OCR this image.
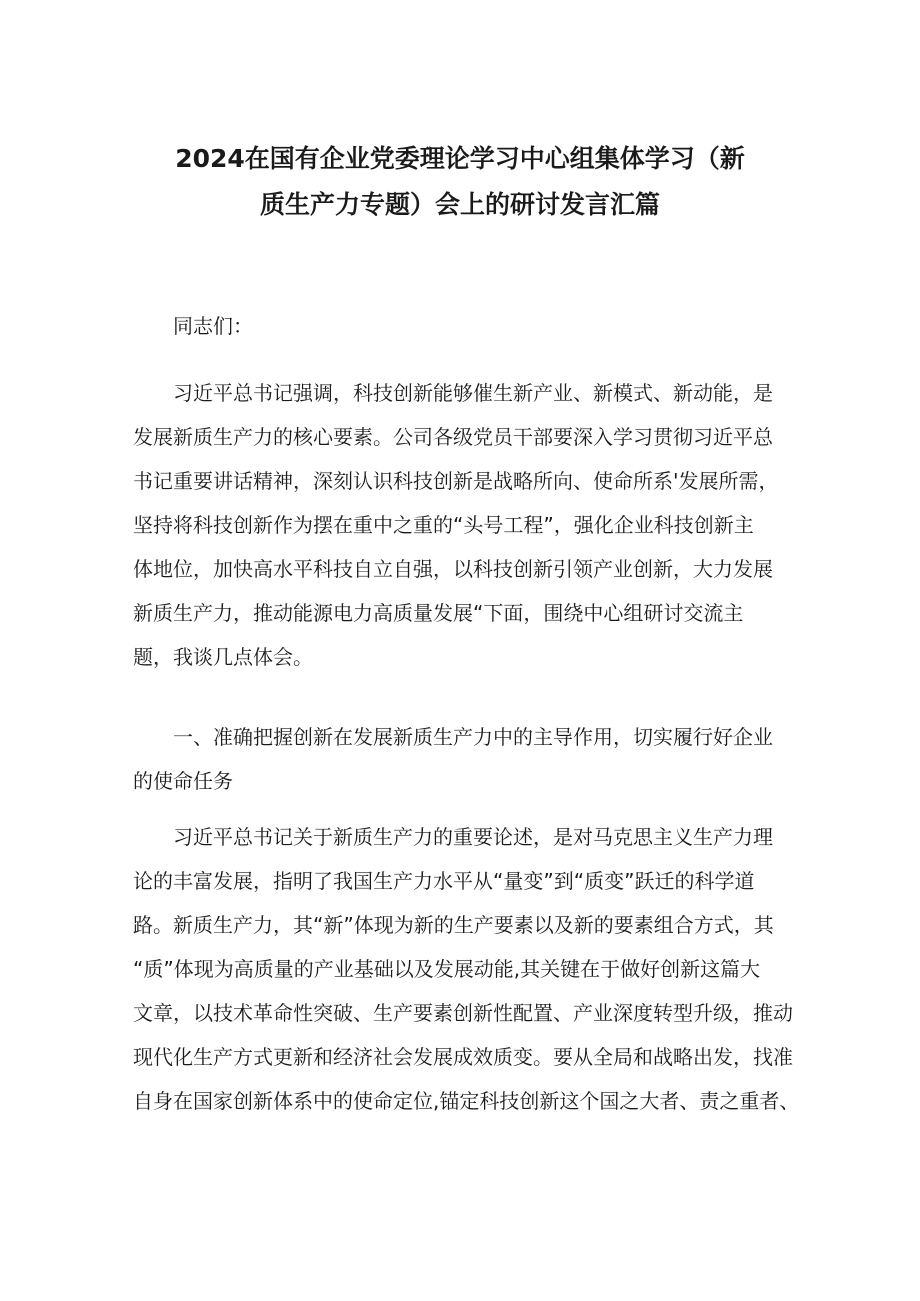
2024在国有企业党委理论学习中心组集体学习（新
质生产力专题）会上的研讨发言汇篇
同志们：
习近平总书记强调，科技创新能够催生新产业、新模式、新动能，是
发展新质生产力的核心要素。公司各级党员干部要深入学习贯彻习近平总
书记重要讲话精神，深刻认识科技创新是战略所向、使命所系'发展所需，
坚持将科技创新作为摆在重中之重的“头号工程”，强化企业科技创新主
体地位，加快高水平科技自立自强，以科技创新引领产业创新，大力发展
新质生产力，推动能源电力高质量发展“下面，围绕中心组研讨交流主
题，我谈几点体会。
一、准确把握创新在发展新质生产力中的主导作用，切实履行好企业
的使命任务
习近平总书记关于新质生产力的重要论述，是对马克思主义生产力理
论的丰富发展，指明了我国生产力水平从“量变”到“质变”跃迁的科学道
路。新质生产力，其“新”体现为新的生产要素以及新的要素组合方式，其
“质”体现为高质量的产业基础以及发展动能,其关键在于做好创新这篇大
文章，以技术革命性突破、生产要素创新性配置、产业深度转型升级，推动
现代化生产方式更新和经济社会发展成效质变。要从全局和战略出发，找准
自身在国家创新体系中的使命定位,锚定科技创新这个国之大者、责之重者、
